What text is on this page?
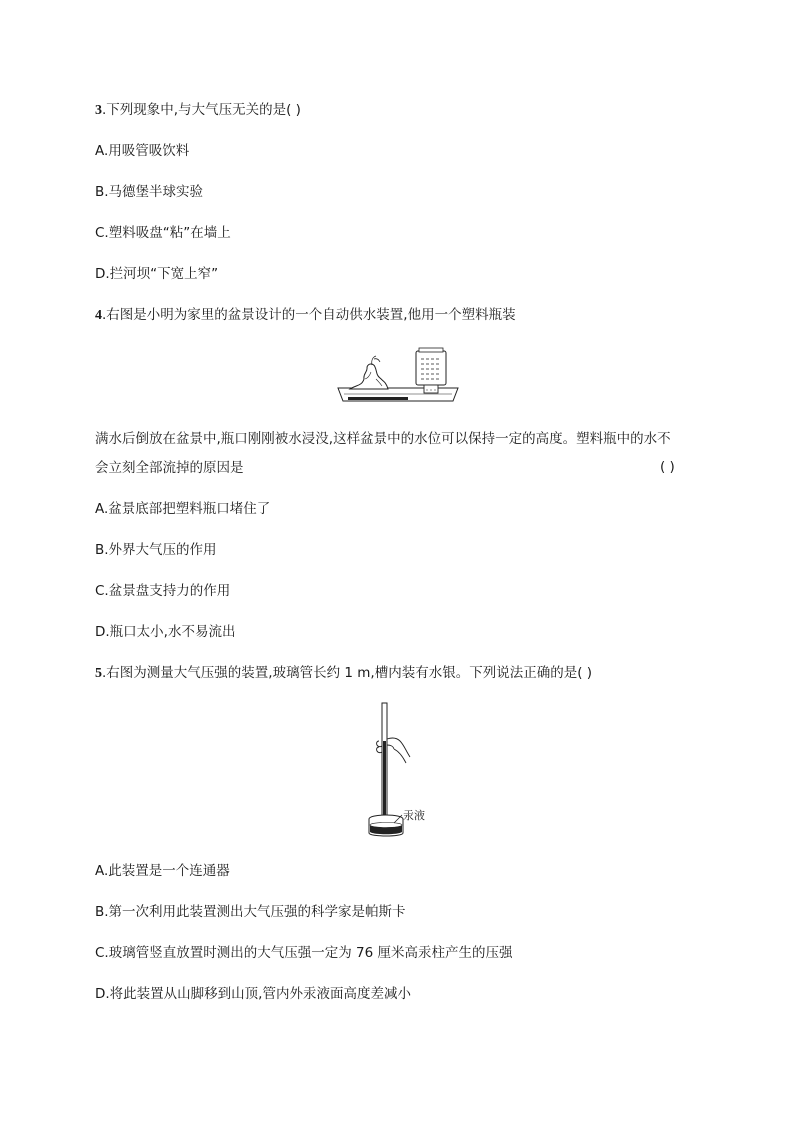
3.下列现象中,与大气压无关的是( )
A.用吸管吸饮料
B.马德堡半球实验
C.塑料吸盘“粘”在墙上
D.拦河坝“下宽上窄”
4.右图是小明为家里的盆景设计的一个自动供水装置,他用一个塑料瓶装
满水后倒放在盆景中,瓶口刚刚被水浸没,这样盆景中的水位可以保持一定的高度。塑料瓶中的水不
会立刻全部流掉的原因是	( )
A.盆景底部把塑料瓶口堵住了
B.外界大气压的作用
C.盆景盘支持力的作用
D.瓶口太小,水不易流出
5.右图为测量大气压强的装置,玻璃管长约 1 m,槽内装有水银。下列说法正确的是( )
汞液
A.此装置是一个连通器
B.第一次利用此装置测出大气压强的科学家是帕斯卡
C.玻璃管竖直放置时测出的大气压强一定为 76 厘米高汞柱产生的压强
D.将此装置从山脚移到山顶,管内外汞液面高度差减小
